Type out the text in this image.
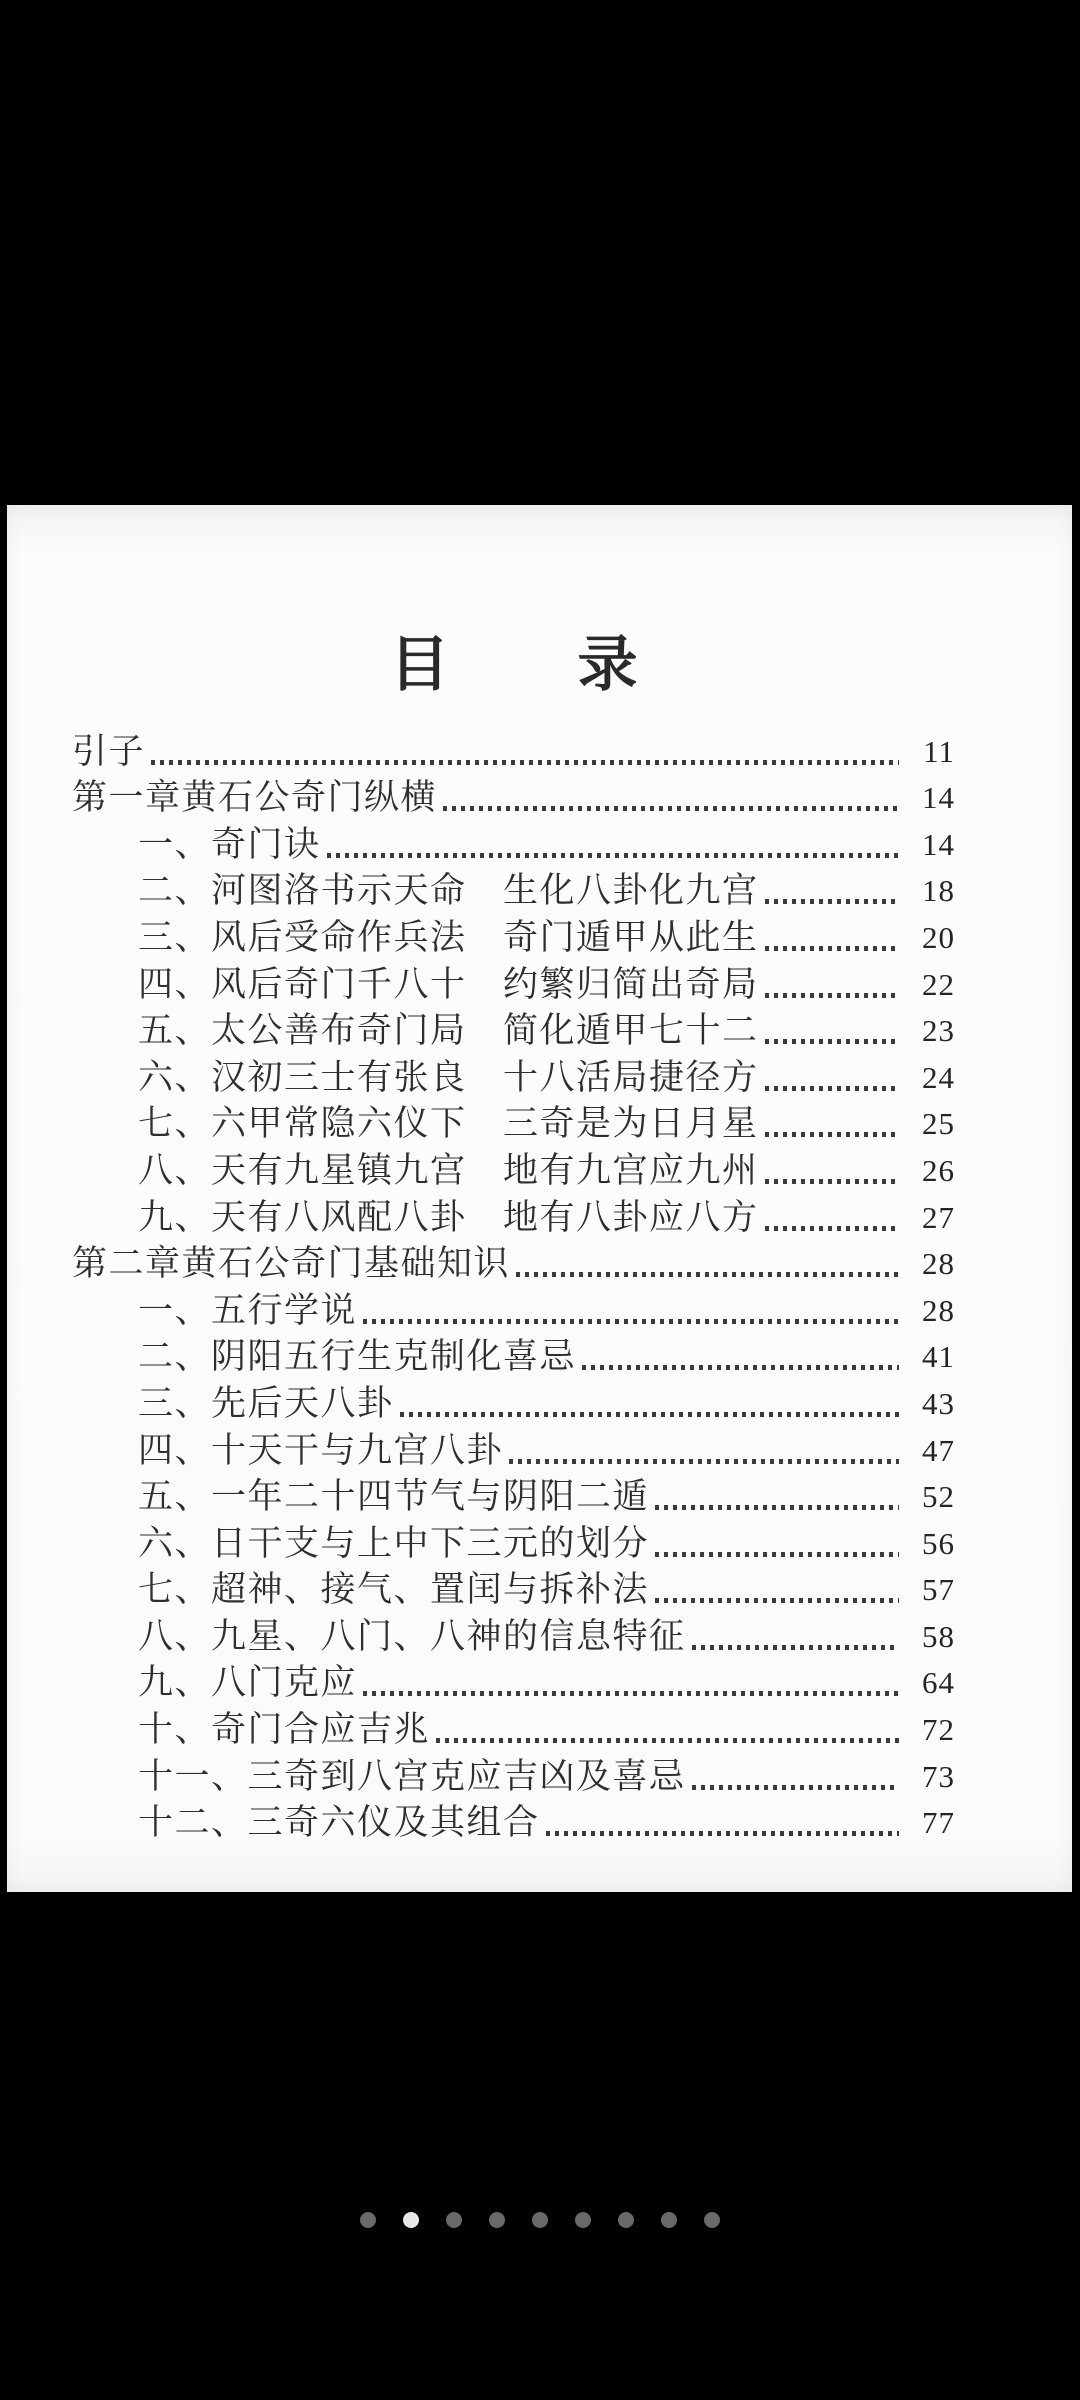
目 录
引子	11
第一章黄石公奇门纵横	14
一、奇门诀	14
二、河图洛书示天命　生化八卦化九宫	18
三、风后受命作兵法　奇门遁甲从此生	20
四、风后奇门千八十　约繁归简出奇局	22
五、太公善布奇门局　简化遁甲七十二	23
六、汉初三士有张良　十八活局捷径方	24
七、六甲常隐六仪下　三奇是为日月星	25
八、天有九星镇九宫　地有九宫应九州	26
九、天有八风配八卦　地有八卦应八方	27
第二章黄石公奇门基础知识	28
一、五行学说	28
二、阴阳五行生克制化喜忌	41
三、先后天八卦	43
四、十天干与九宫八卦	47
五、一年二十四节气与阴阳二遁	52
六、日干支与上中下三元的划分	56
七、超神、接气、置闰与拆补法	57
八、九星、八门、八神的信息特征	58
九、八门克应	64
十、奇门合应吉兆	72
十一、三奇到八宫克应吉凶及喜忌	73
十二、三奇六仪及其组合	77
